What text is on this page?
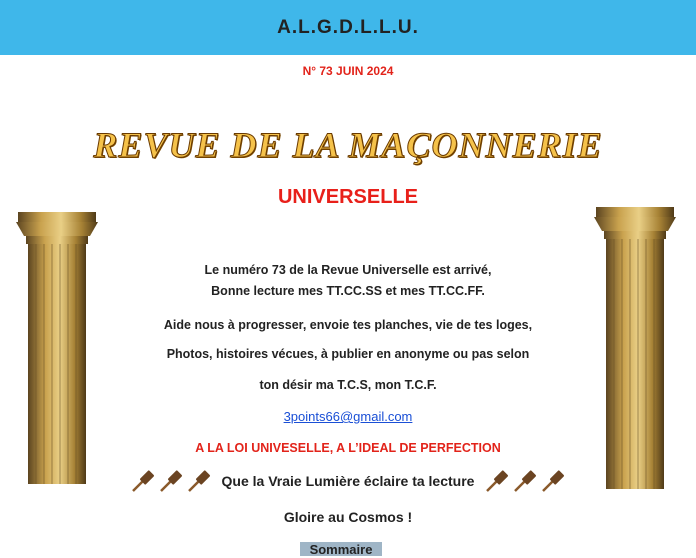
A.L.G.D.L.L.U.
N° 73 JUIN 2024
REVUE DE LA MAÇONNERIE
UNIVERSELLE
Le numéro 73 de la Revue Universelle est arrivé,
Bonne lecture mes TT.CC.SS et mes TT.CC.FF.
Aide nous à progresser, envoie tes planches, vie de tes loges,
Photos, histoires vécues, à publier en anonyme ou pas selon
ton désir ma T.C.S, mon T.C.F.
3points66@gmail.com
A LA LOI UNIVESELLE, A L’IDEAL DE PERFECTION
Que la Vraie Lumière éclaire ta lecture
Gloire au Cosmos !
Sommaire
